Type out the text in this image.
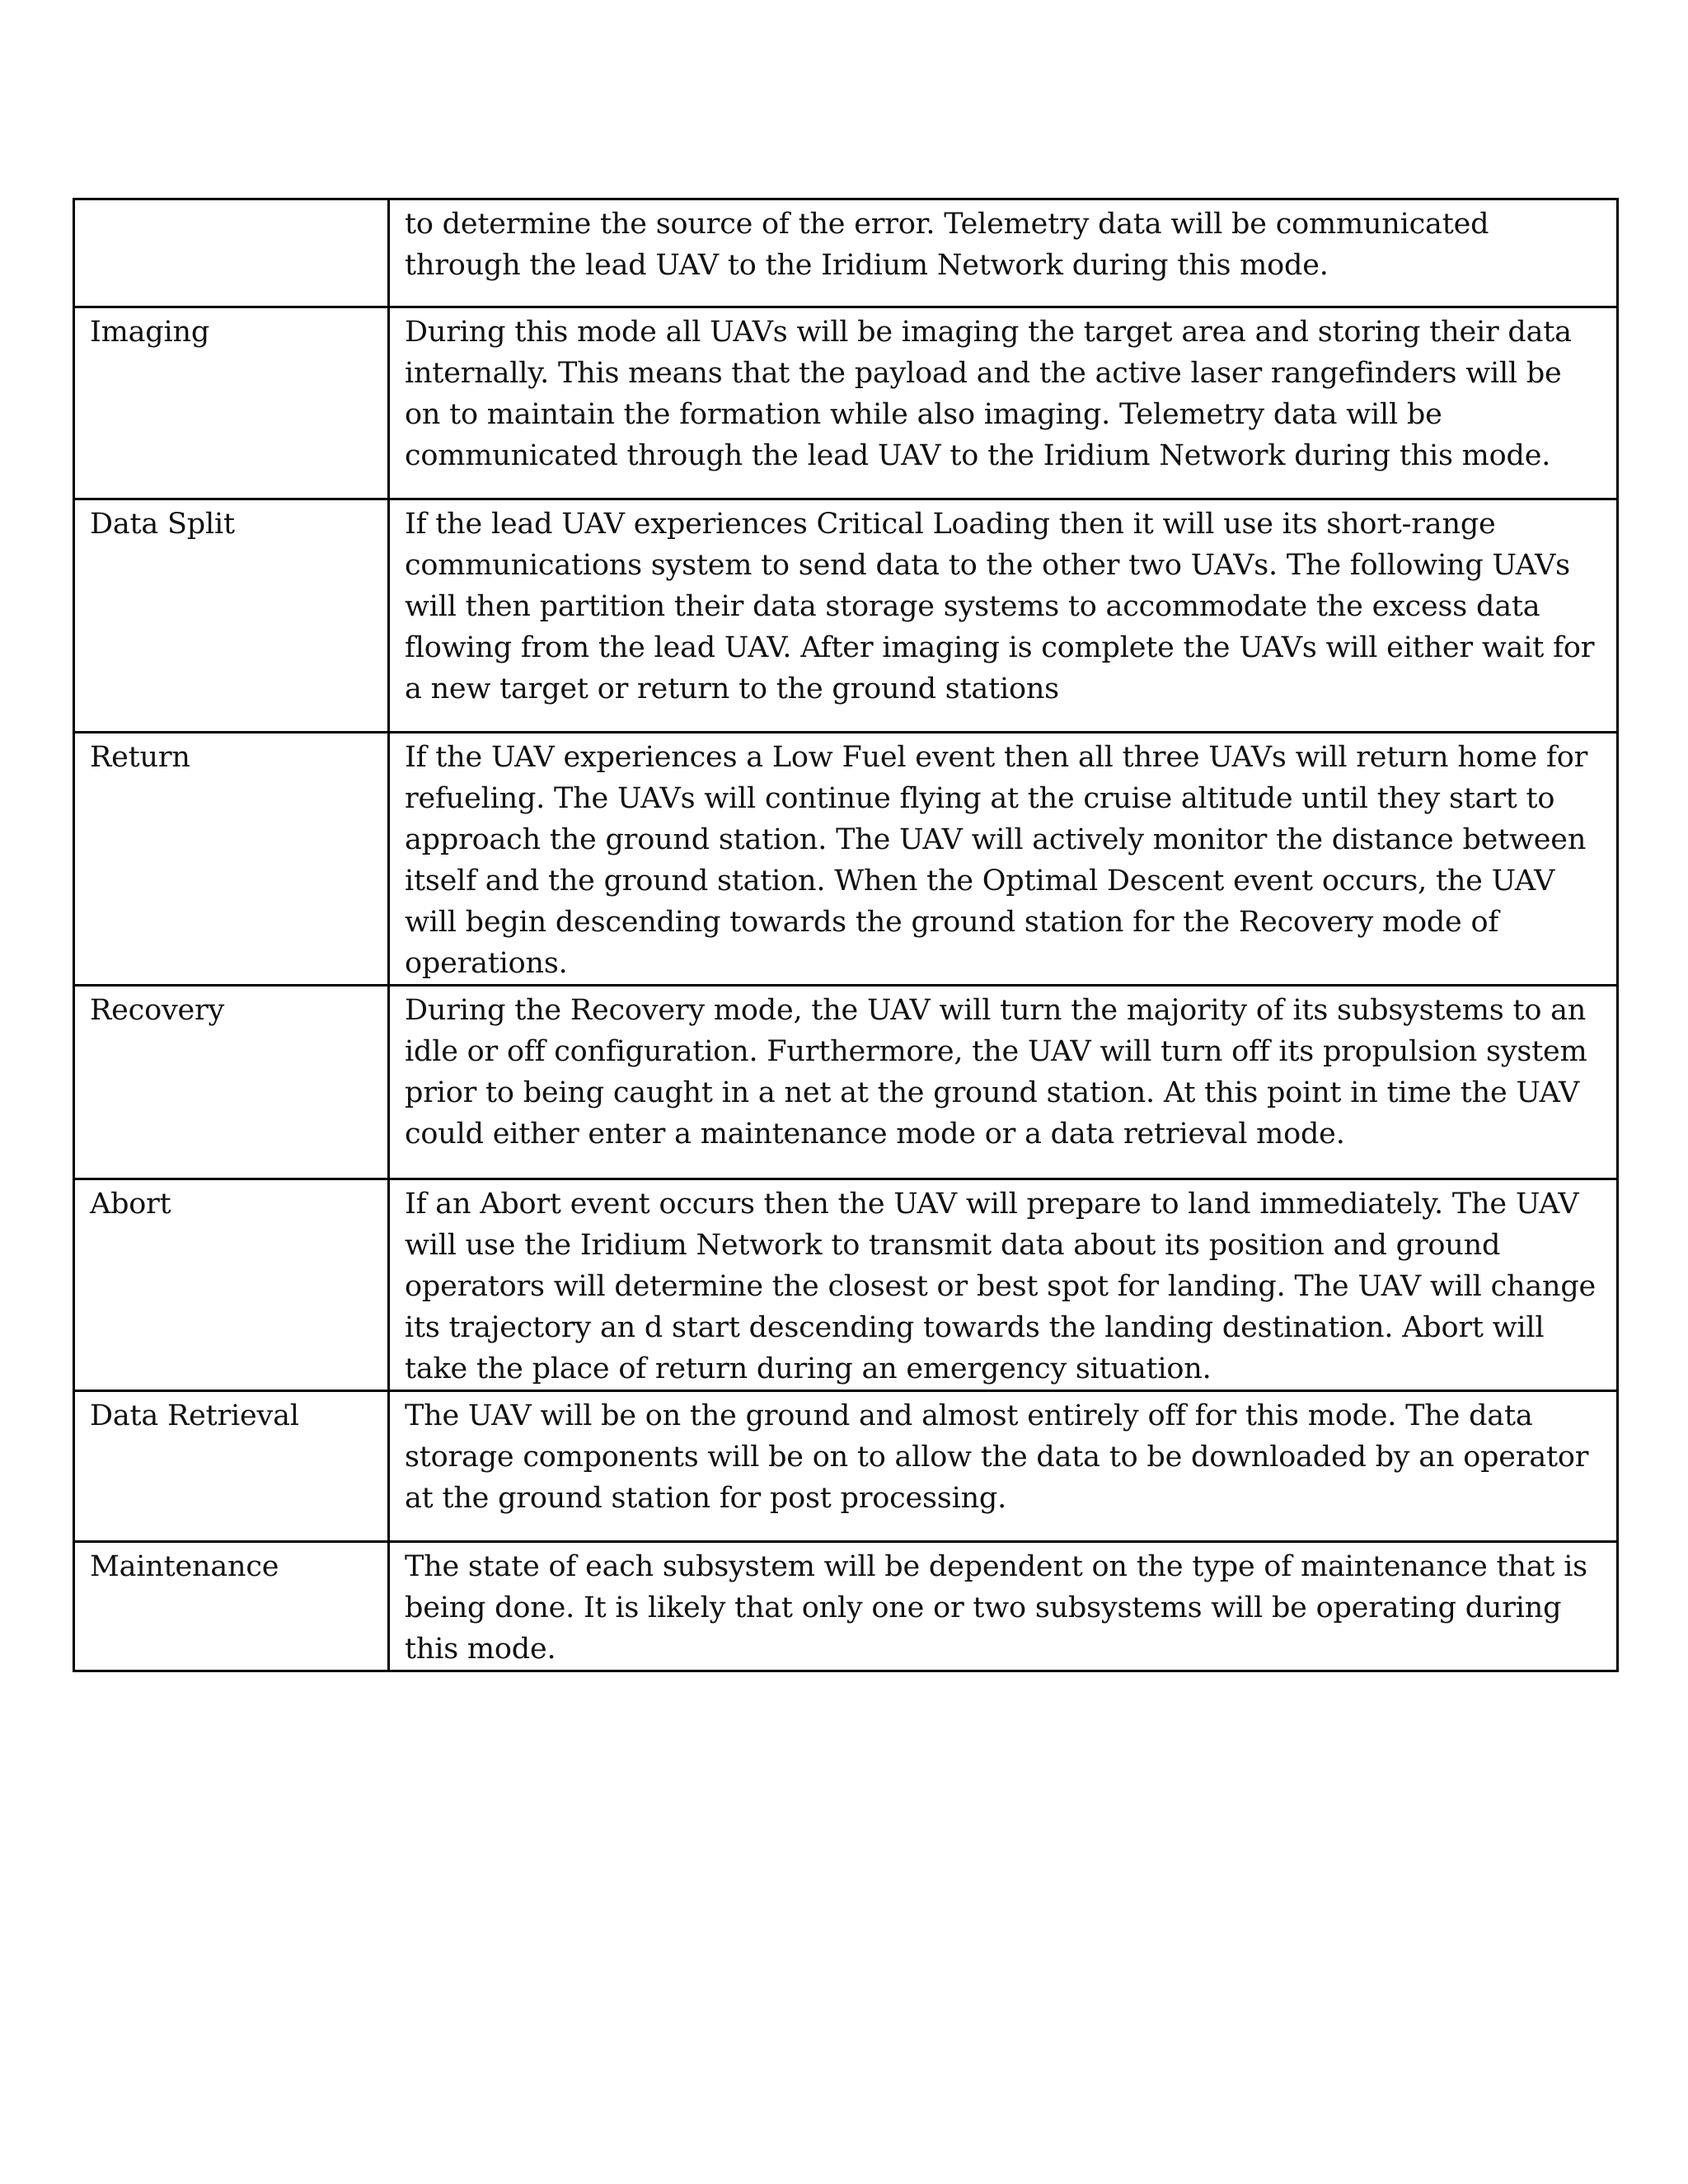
	to determine the source of the error. Telemetry data will be communicated through the lead UAV to the Iridium Network during this mode.

Imaging	During this mode all UAVs will be imaging the target area and storing their data internally. This means that the payload and the active laser rangefinders will be on to maintain the formation while also imaging. Telemetry data will be communicated through the lead UAV to the Iridium Network during this mode.

Data Split	If the lead UAV experiences Critical Loading then it will use its short-range communications system to send data to the other two UAVs. The following UAVs will then partition their data storage systems to accommodate the excess data flowing from the lead UAV. After imaging is complete the UAVs will either wait for a new target or return to the ground stations

Return	If the UAV experiences a Low Fuel event then all three UAVs will return home for refueling. The UAVs will continue flying at the cruise altitude until they start to approach the ground station. The UAV will actively monitor the distance between itself and the ground station. When the Optimal Descent event occurs, the UAV will begin descending towards the ground station for the Recovery mode of operations.

Recovery	During the Recovery mode, the UAV will turn the majority of its subsystems to an idle or off configuration. Furthermore, the UAV will turn off its propulsion system prior to being caught in a net at the ground station. At this point in time the UAV could either enter a maintenance mode or a data retrieval mode.

Abort	If an Abort event occurs then the UAV will prepare to land immediately. The UAV will use the Iridium Network to transmit data about its position and ground operators will determine the closest or best spot for landing. The UAV will change its trajectory an d start descending towards the landing destination. Abort will take the place of return during an emergency situation.

Data Retrieval	The UAV will be on the ground and almost entirely off for this mode. The data storage components will be on to allow the data to be downloaded by an operator at the ground station for post processing.

Maintenance	The state of each subsystem will be dependent on the type of maintenance that is being done. It is likely that only one or two subsystems will be operating during this mode.
